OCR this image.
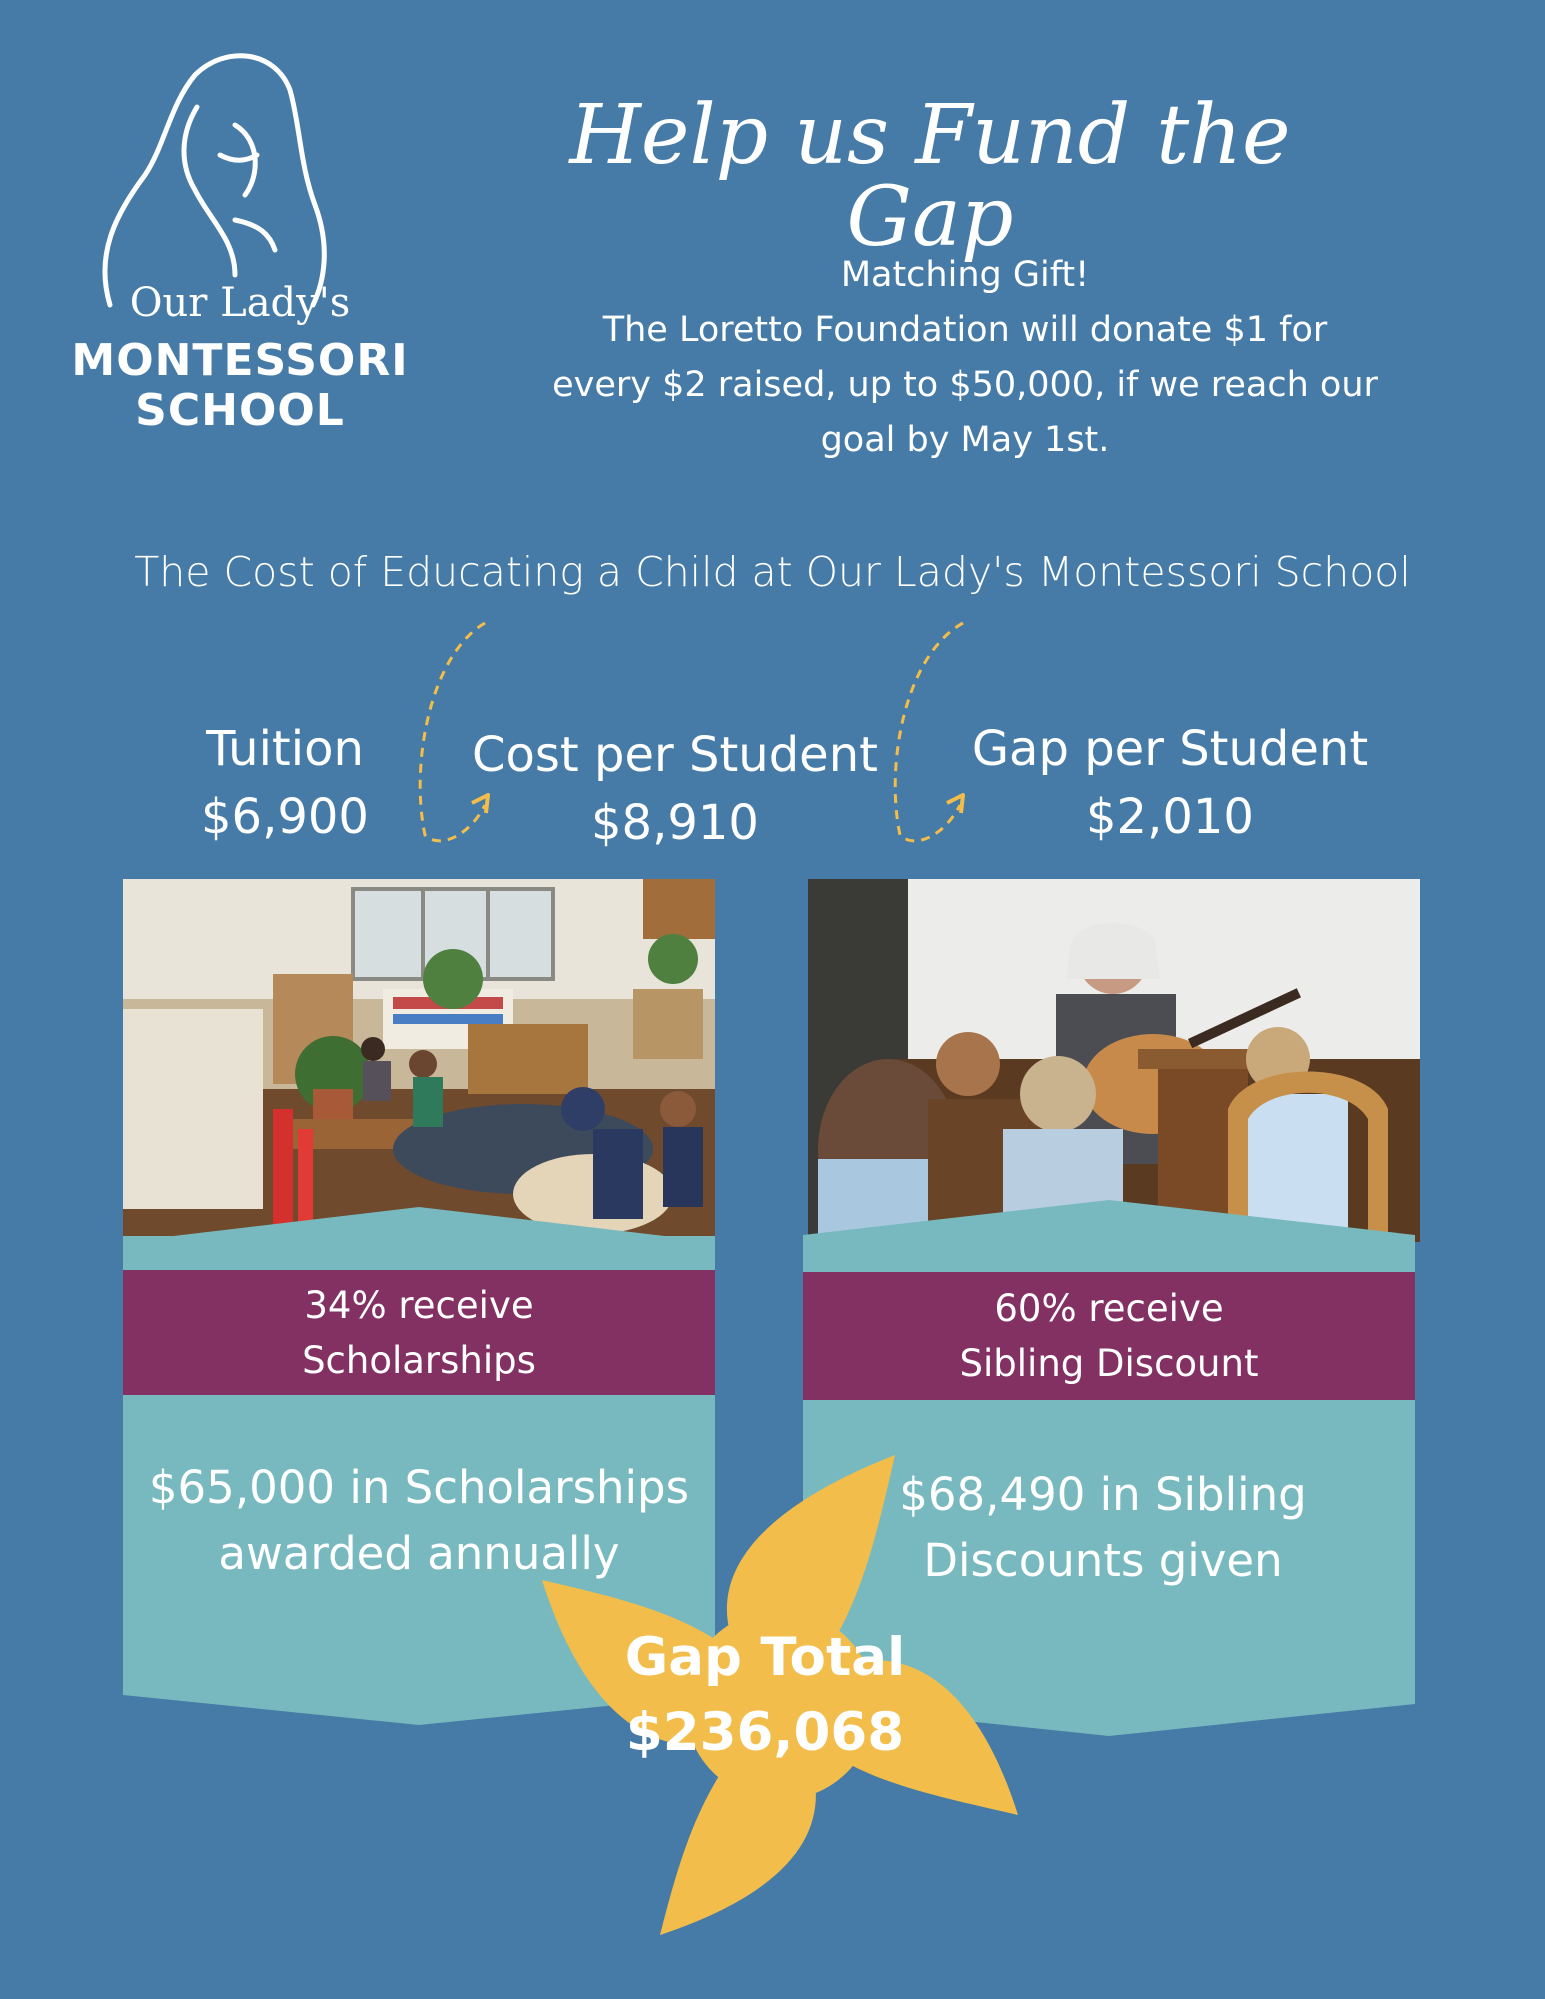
Our Lady's
MONTESSORI
SCHOOL
Help us Fund the Gap
Matching Gift!
The Loretto Foundation will donate $1 for
every $2 raised, up to $50,000, if we reach our
goal by May 1st.
The Cost of Educating a Child at Our Lady's Montessori School
Tuition
$6,900
Cost per Student
$8,910
Gap per Student
$2,010
34% receive
Scholarships
$65,000 in Scholarships
awarded annually
60% receive
Sibling Discount
$68,490 in Sibling
Discounts given
Gap Total
$236,068
